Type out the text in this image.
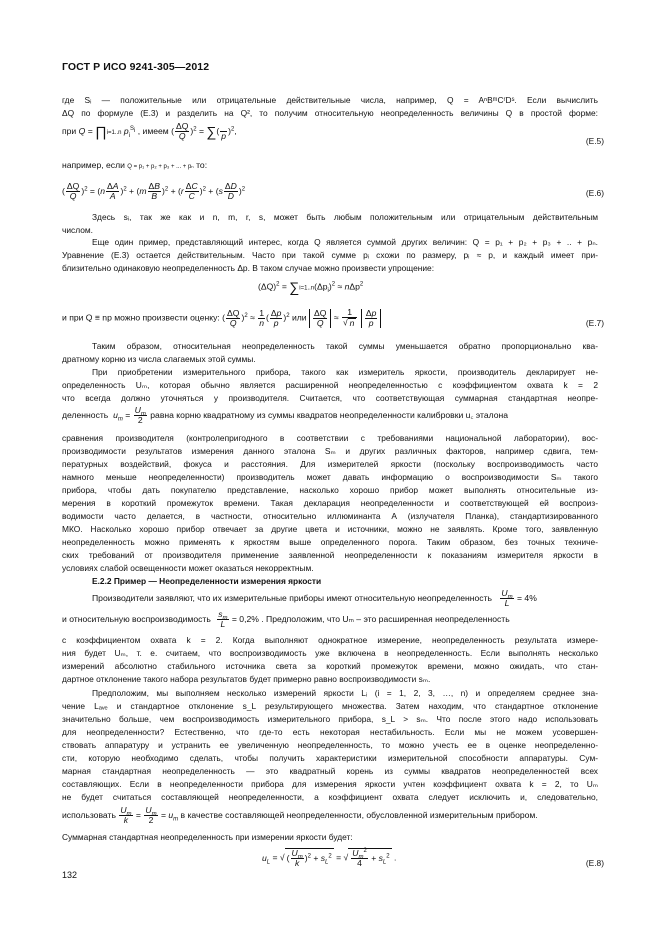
ГОСТ Р ИСО 9241-305—2012
где Sᵢ — положительные или отрицательные действительные числа, например, Q = AⁿBᵐCʳDˢ. Если вычислить
ΔQ по формуле (E.3) и разделить на Q², то получим относительную неопределенность величины Q в простой форме:
при Q = ∏i=1..n $p_i^{S_i}$ , имеем ( $\frac{\Delta Q}{Q} )^2$ = ∑(

p
)$^2$,
(E.5)
например, если Q = p₁ + p₂ + p₃ + ... + pₙ то:
( $\frac{\Delta Q}{Q} )^2 = (n \frac{\Delta A}{A} )^2 + (m \frac{\Delta B}{B} )^2 + (r \frac{\Delta C}{C} )^2 + (s \frac{\Delta D}{D} )^2$	(E.6)
Здесь sᵢ, так же как и n, m, r, s, может быть любым положительным или отрицательным действительным
числом.
Еще один пример, представляющий интерес, когда Q является суммой других величин: Q = p₁ + p₂ + p₃ + .. + pₙ.
Уравнение (E.3) остается действительным. Часто при такой сумме pᵢ схожи по размеру, pᵢ ≈ p, и каждый имеет при-
близительно одинаковую неопределенность Δp. В таком случае можно произвести упрощение:
$(\Delta Q)^2 = \sum i=1..n(\Delta p_i)^2 \approx n\Delta p^2$
и при Q ≡ np можно произвести оценку: ( $\frac{\Delta Q}{Q} )^2 \approx \frac{1}{n}$ ( $\frac{\Delta p}{p} )^2$ или $\frac{\Delta Q}{Q} \approx \frac{1}{√ n}$
$\frac{\Delta p}{p}$	(E.7)
Таким образом, относительная неопределенность такой суммы уменьшается обратно пропорционально ква-
дратному корню из числа слагаемых этой суммы.
При приобретении измерительного прибора, такого как измеритель яркости, производитель декларирует не-
определенность Uₘ, которая обычно является расширенной неопределенностью с коэффициентом охвата k = 2
что всегда должно уточняться у производителя. Считается, что соответствующая суммарная стандартная неопре-
деленность $u_m = \frac{U_m}{2}$ равна корню квадратному из суммы квадратов неопределенности калибровки u꜀ эталона
сравнения производителя (контролепригодного в соответствии с требованиями национальной лаборатории), вос-
производимости результатов измерения данного эталона Sₘ и других различных факторов, например сдвига, тем-
пературных воздействий, фокуса и расстояния. Для измерителей яркости (поскольку воспроизводимость часто
намного меньше неопределенности) производитель может давать информацию о воспроизводимости Sₘ такого
прибора, чтобы дать покупателю представление, насколько хорошо прибор может выполнять относительные из-
мерения в короткий промежуток времени. Такая декларация неопределенности и соответствующей ей воспроиз-
водимости часто делается, в частности, относительно иллюминанта А (излучателя Планка), стандартизированного
МКО. Насколько хорошо прибор отвечает за другие цвета и источники, можно не заявлять. Кроме того, заявленную
неопределенность можно применять к яркостям выше определенного порога. Таким образом, без точных техниче-
ских требований от производителя применение заявленной неопределенности к показаниям измерителя яркости в
условиях слабой освещенности может оказаться некорректным.
E.2.2 Пример — Неопределенности измерения яркости
Производители заявляют, что их измерительные приборы имеют относительную неопределенность $\frac{U_m}{L} = 4\%$
и относительную воспроизводимость $\frac{s_m}{L} = 0,2\%$ . Предположим, что Uₘ – это расширенная неопределенность
с коэффициентом охвата k = 2. Когда выполняют однократное измерение, неопределенность результата измере-
ния будет Uₘ, т. е. считаем, что воспроизводимость уже включена в неопределенность. Если выполнять несколько
измерений абсолютно стабильного источника света за короткий промежуток времени, можно ожидать, что стан-
дартное отклонение такого набора результатов будет примерно равно воспроизводимости sₘ.
Предположим, мы выполняем несколько измерений яркости Lᵢ (i = 1, 2, 3, …, n) и определяем среднее зна-
чение Lₐᵥₑ и стандартное отклонение s_L результирующего множества. Затем находим, что стандартное отклонение
значительно больше, чем воспроизводимость измерительного прибора, s_L > sₘ. Что после этого надо использовать
для неопределенности? Естественно, что где-то есть некоторая нестабильность. Если мы не можем усовершен-
ствовать аппаратуру и устранить ее увеличенную неопределенность, то можно учесть ее в оценке неопределенно-
сти, которую необходимо сделать, чтобы получить характеристики измерительной способности аппаратуры. Сум-
марная стандартная неопределенность — это квадратный корень из суммы квадратов неопределенностей всех
составляющих. Если в неопределенности прибора для измерения яркости учтен коэффициент охвата k = 2, то Uₘ
не будет считаться составляющей неопределенности, а коэффициент охвата следует исключить и, следовательно,
использовать $\frac{U_m}{k} = \frac{U_m}{2} = u_m$ в качестве составляющей неопределенности, обусловленной измерительным прибором.
Суммарная стандартная неопределенность при измерении яркости будет:
$u_L$ = √ ( $\frac{U_m}{k} )^2 + s_L^2$ = √ $\frac{U_m^2}{4} + s_L^2$ .
(E.8)
132
